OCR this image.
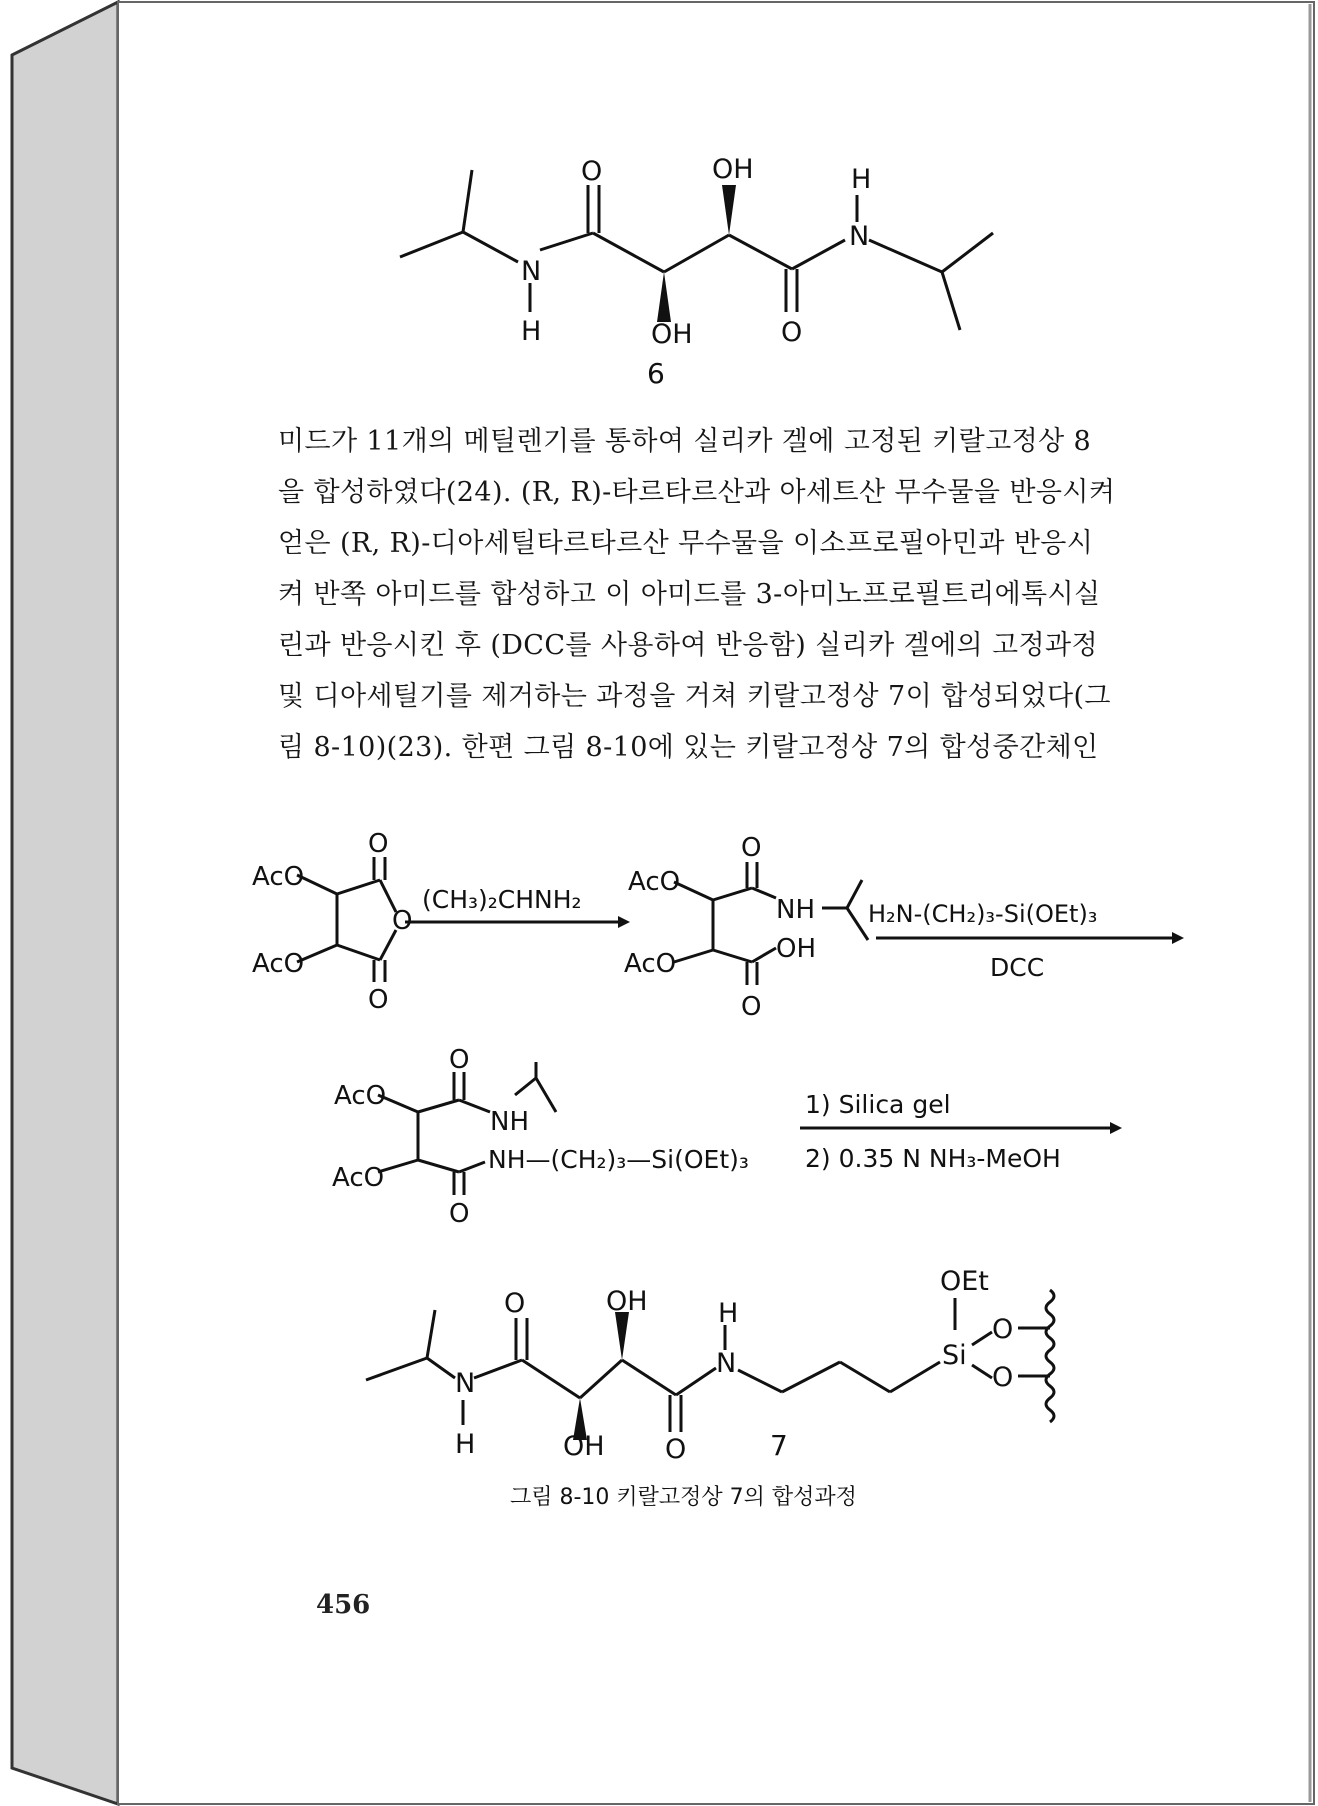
O	OH	H
N
N
H	OH	O
6
AcO
AcO
O
O
O
(CH₃)₂CHNH₂
AcO
AcO
O
NH
OH
O
H₂N-(CH₂)₃-Si(OEt)₃
DCC
AcO
AcO
O
NH
NH—(CH₂)₃—Si(OEt)₃
O
1) Silica gel
2) 0.35 N NH₃-MeOH
O	OH	H
N
N
H	OH O
OEt
Si
O
O
7
미드가 11개의 메틸렌기를 통하여 실리카 겔에 고정된 키랄고정상 8
을 합성하였다(24). (R, R)-타르타르산과 아세트산 무수물을 반응시켜
얻은 (R, R)-디아세틸타르타르산 무수물을 이소프로필아민과 반응시
켜 반쪽 아미드를 합성하고 이 아미드를 3-아미노프로필트리에톡시실
린과 반응시킨 후 (DCC를 사용하여 반응함) 실리카 겔에의 고정과정
및 디아세틸기를 제거하는 과정을 거쳐 키랄고정상 7이 합성되었다(그
림 8-10)(23). 한편 그림 8-10에 있는 키랄고정상 7의 합성중간체인
그림 8-10 키랄고정상 7의 합성과정
456
